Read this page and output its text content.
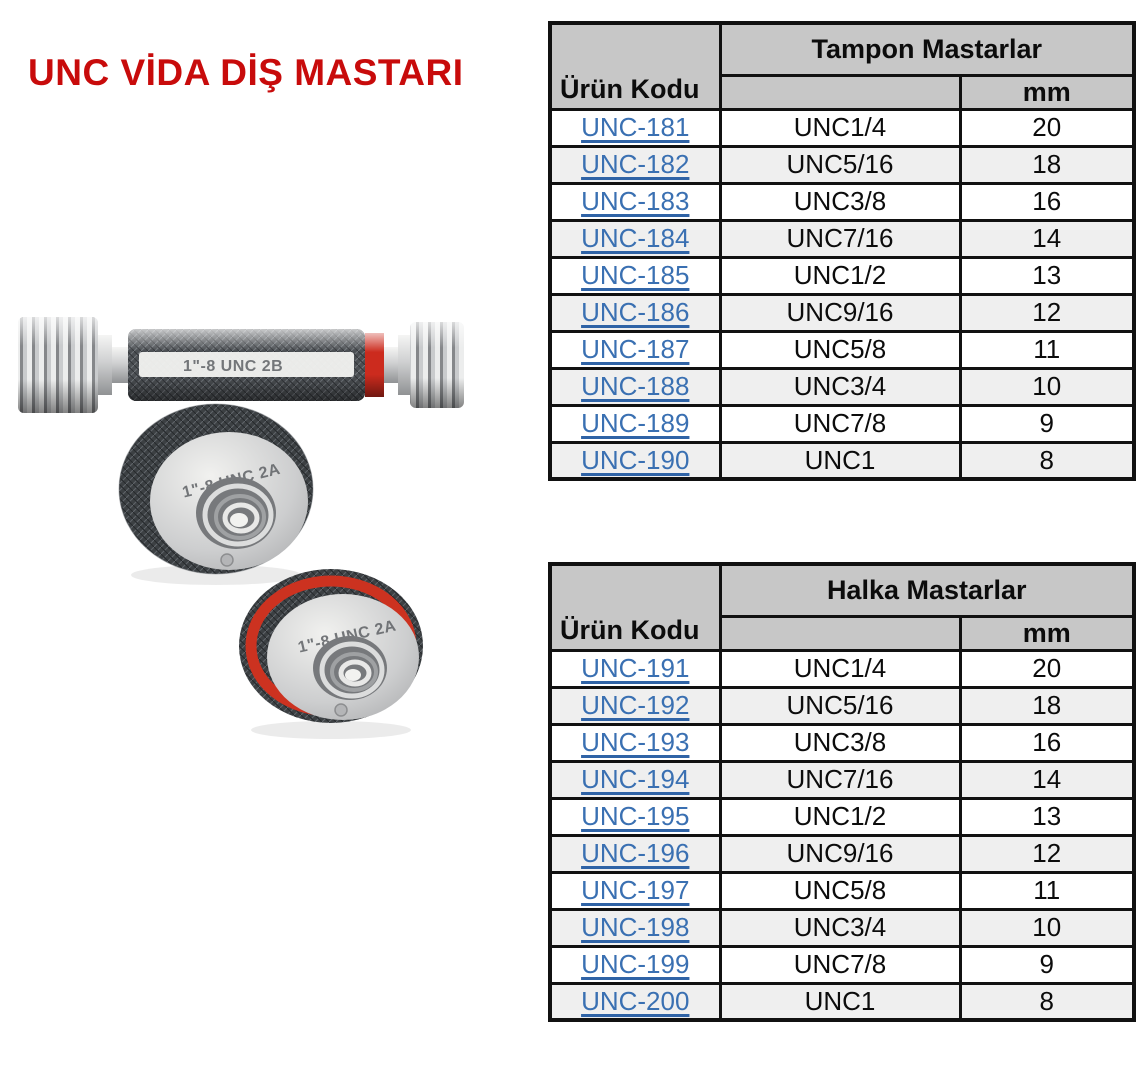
UNC VİDA DİŞ MASTARI
1"-8 UNC 2B
1"-8 2A
1"-8 UNC 2A
Ürün Kodu	Tampon Mastarlar	
		mm
UNC-181	UNC1/4	20
UNC-182	UNC5/16	18
UNC-183	UNC3/8	16
UNC-184	UNC7/16	14
UNC-185	UNC1/2	13
UNC-186	UNC9/16	12
UNC-187	UNC5/8	11
UNC-188	UNC3/4	10
UNC-189	UNC7/8	9
UNC-190	UNC1	8
Ürün Kodu	Halka Mastarlar	
		mm
UNC-191	UNC1/4	20
UNC-192	UNC5/16	18
UNC-193	UNC3/8	16
UNC-194	UNC7/16	14
UNC-195	UNC1/2	13
UNC-196	UNC9/16	12
UNC-197	UNC5/8	11
UNC-198	UNC3/4	10
UNC-199	UNC7/8	9
UNC-200	UNC1	8
